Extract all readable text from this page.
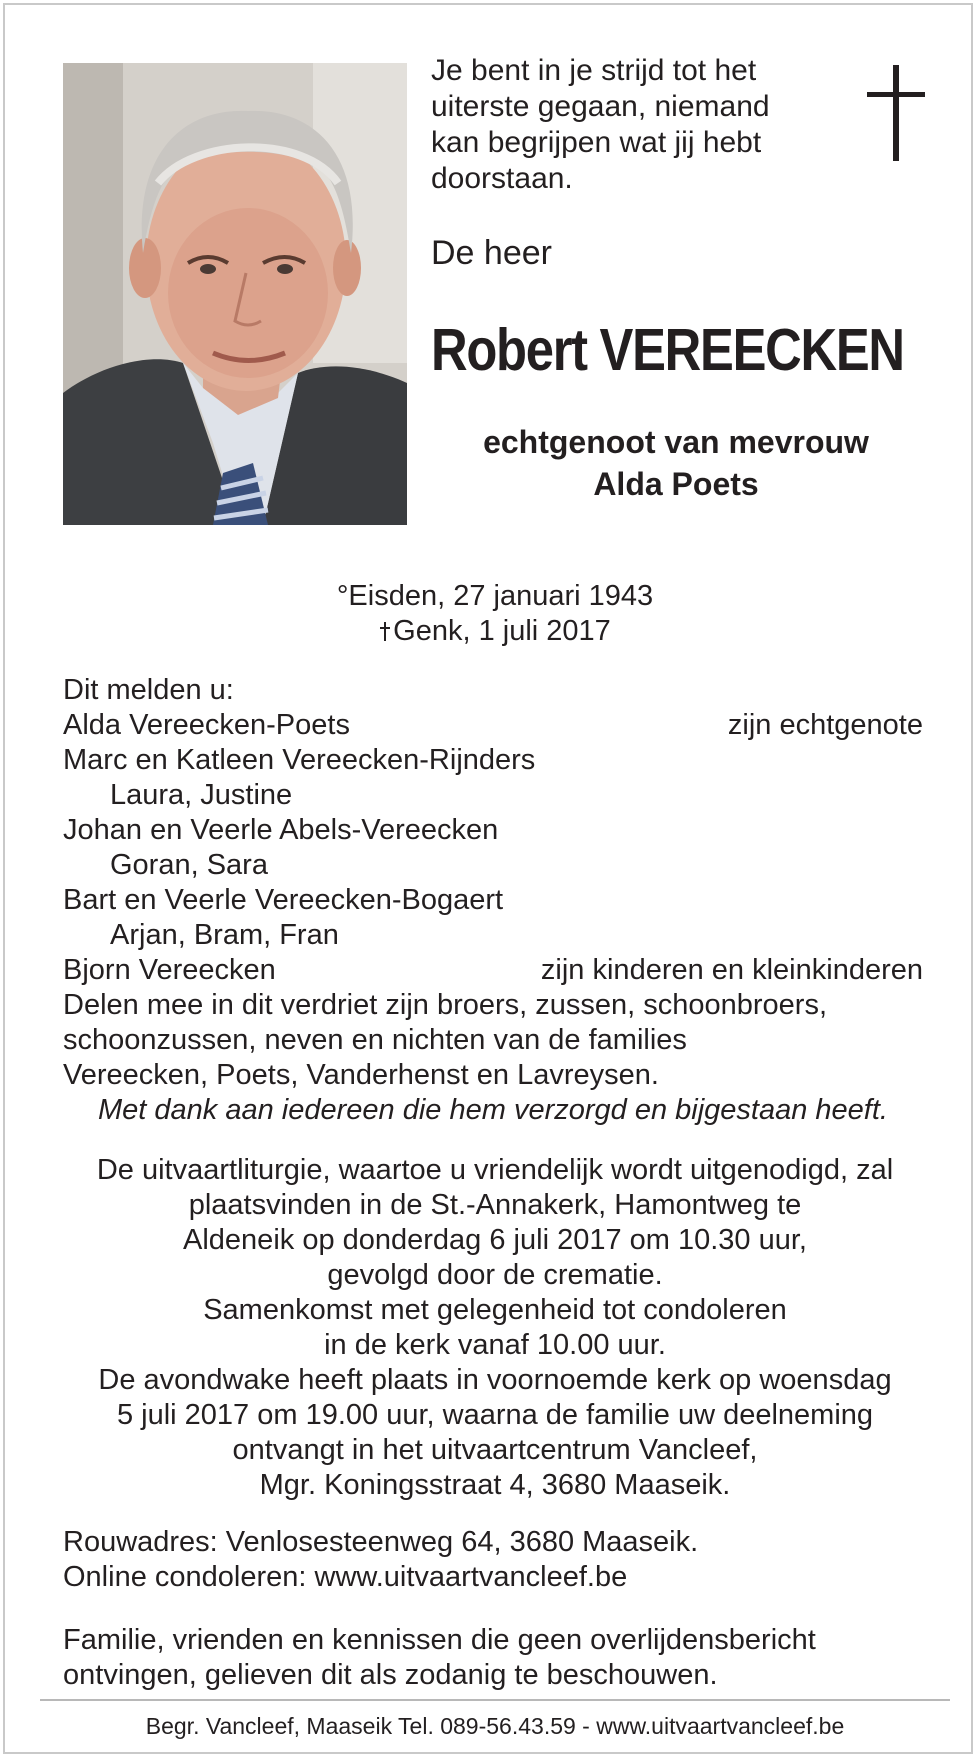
Je bent in je strijd tot het
uiterste gegaan, niemand
kan begrijpen wat jij hebt
doorstaan.
De heer
Robert VEREECKEN
echtgenoot van mevrouw
Alda Poets
°Eisden, 27 januari 1943
Genk, 1 juli 2017
Dit melden u:
Alda Vereecken-Poets	zijn echtgenote
Marc en Katleen Vereecken-Rijnders
Laura, Justine
Johan en Veerle Abels-Vereecken
Goran, Sara
Bart en Veerle Vereecken-Bogaert
Arjan, Bram, Fran
Bjorn Vereecken	zijn kinderen en kleinkinderen
Delen mee in dit verdriet zijn broers, zussen, schoonbroers,
schoonzussen, neven en nichten van de families
Vereecken, Poets, Vanderhenst en Lavreysen.
Met dank aan iedereen die hem verzorgd en bijgestaan heeft.
De uitvaartliturgie, waartoe u vriendelijk wordt uitgenodigd, zal
plaatsvinden in de St.-Annakerk, Hamontweg te
Aldeneik op donderdag 6 juli 2017 om 10.30 uur,
gevolgd door de crematie.
Samenkomst met gelegenheid tot condoleren
in de kerk vanaf 10.00 uur.
De avondwake heeft plaats in voornoemde kerk op woensdag
5 juli 2017 om 19.00 uur, waarna de familie uw deelneming
ontvangt in het uitvaartcentrum Vancleef,
Mgr. Koningsstraat 4, 3680 Maaseik.
Rouwadres: Venlosesteenweg 64, 3680 Maaseik.
Online condoleren: www.uitvaartvancleef.be
Familie, vrienden en kennissen die geen overlijdensbericht
ontvingen, gelieven dit als zodanig te beschouwen.
Begr. Vancleef, Maaseik Tel. 089-56.43.59 - www.uitvaartvancleef.be
